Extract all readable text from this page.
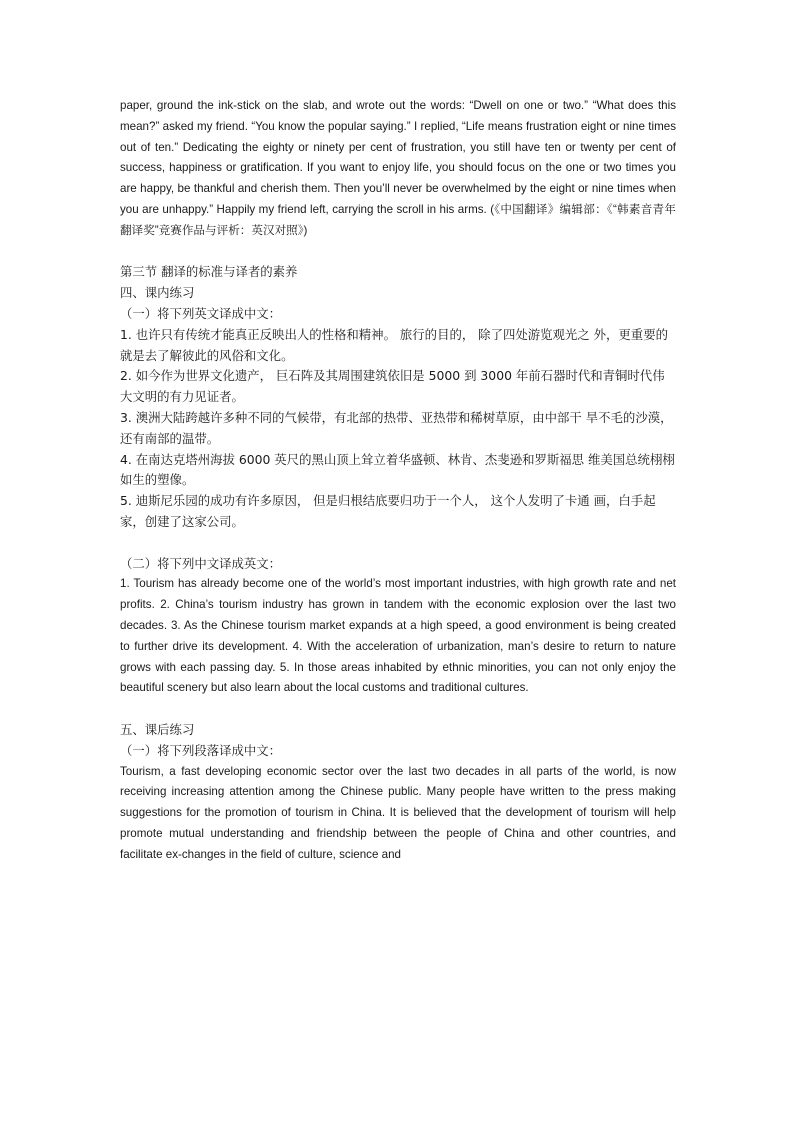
paper, ground the ink-stick on the slab, and wrote out the words: “Dwell on one or two.” “What does this mean?” asked my friend. “You know the popular saying.” I replied, “Life means frustration eight or nine times out of ten.” Dedicating the eighty or ninety per cent of frustration, you still have ten or twenty per cent of success, happiness or gratification. If you want to enjoy life, you should focus on the one or two times you are happy, be thankful and cherish them. Then you’ll never be overwhelmed by the eight or nine times when you are unhappy.” Happily my friend left, carrying the scroll in his arms. (《中国翻译》编辑部：《“韩素音青年翻译奖”竞赛作品与评析：英汉对照》)

第三节 翻译的标准与译者的素养

四、课内练习

（一）将下列英文译成中文：

1. 也许只有传统才能真正反映出人的性格和精神。 旅行的目的， 除了四处游览观光之 外，更重要的就是去了解彼此的风俗和文化。

2. 如今作为世界文化遗产， 巨石阵及其周围建筑依旧是 5000 到 3000 年前石器时代和青铜时代伟大文明的有力见证者。

3. 澳洲大陆跨越许多种不同的气候带，有北部的热带、亚热带和稀树草原，由中部干 旱不毛的沙漠，还有南部的温带。

4. 在南达克塔州海拔 6000 英尺的黑山顶上耸立着华盛顿、林肯、杰斐逊和罗斯福思 维美国总统栩栩如生的塑像。

5. 迪斯尼乐园的成功有许多原因， 但是归根结底要归功于一个人， 这个人发明了卡通 画，白手起家，创建了这家公司。

（二）将下列中文译成英文：

1. Tourism has already become one of the world’s most important industries, with high growth rate and net profits. 2. China’s tourism industry has grown in tandem with the economic explosion over the last two decades. 3. As the Chinese tourism market expands at a high speed, a good environment is being created to further drive its development. 4. With the acceleration of urbanization, man’s desire to return to nature grows with each passing day. 5. In those areas inhabited by ethnic minorities, you can not only enjoy the beautiful scenery but also learn about the local customs and traditional cultures.

五、课后练习

（一）将下列段落译成中文：

Tourism, a fast developing economic sector over the last two decades in all parts of the world, is now receiving increasing attention among the Chinese public. Many people have written to the press making suggestions for the promotion of tourism in China. It is believed that the development of tourism will help promote mutual understanding and friendship between the people of China and other countries, and facilitate ex-changes in the field of culture, science and
